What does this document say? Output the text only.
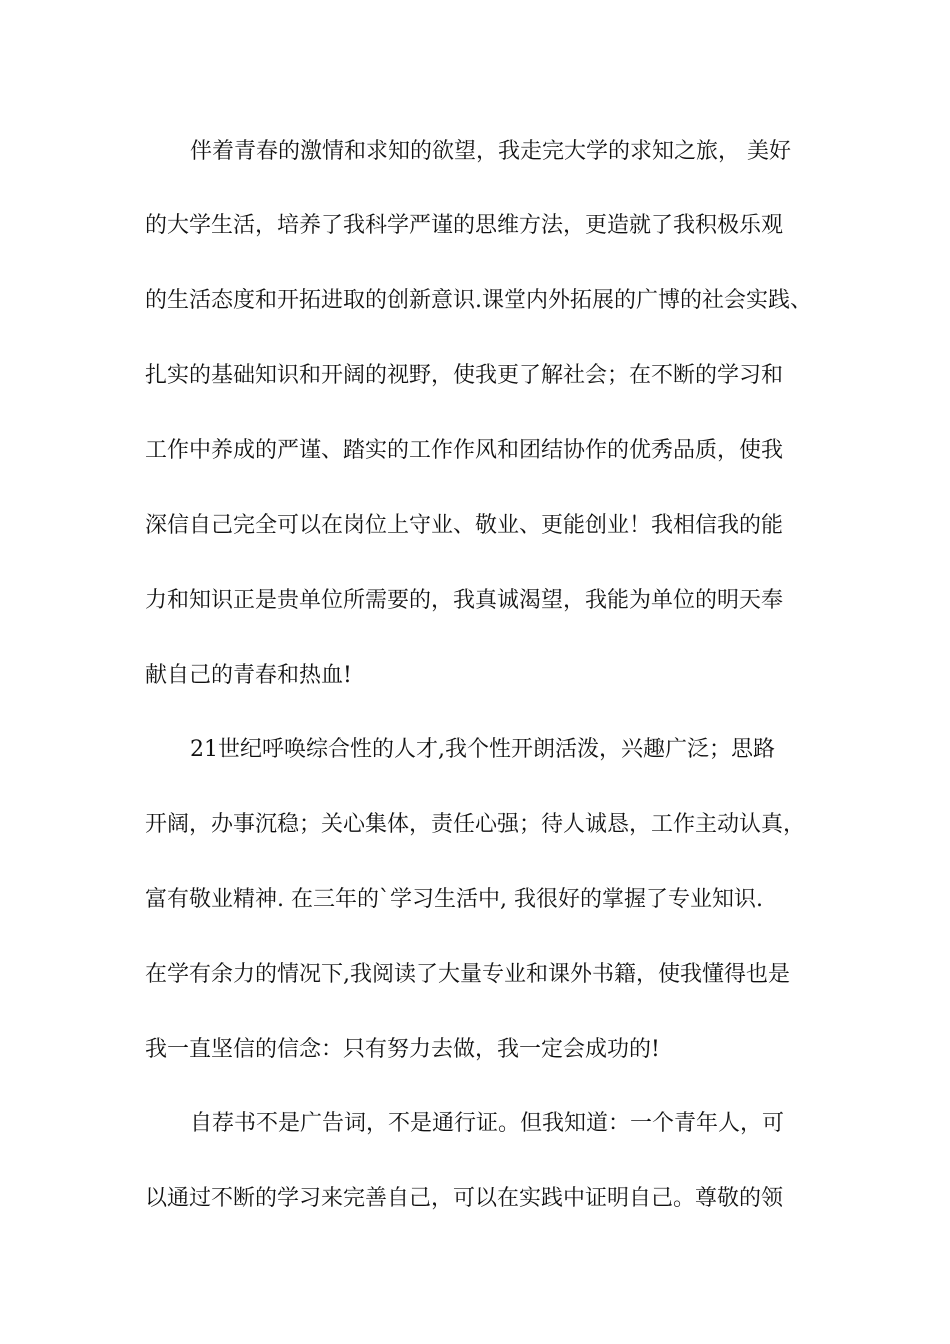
伴着青春的激情和求知的欲望，我走完大学的求知之旅， 美好
的大学生活，培养了我科学严谨的思维方法，更造就了我积极乐观
的生活态度和开拓进取的创新意识.课堂内外拓展的广博的社会实践、
扎实的基础知识和开阔的视野，使我更了解社会；在不断的学习和
工作中养成的严谨、踏实的工作作风和团结协作的优秀品质，使我
深信自己完全可以在岗位上守业、敬业、更能创业！我相信我的能
力和知识正是贵单位所需要的，我真诚渴望，我能为单位的明天奉
献自己的青春和热血!
21世纪呼唤综合性的人才,我个性开朗活泼，兴趣广泛；思路
开阔，办事沉稳；关心集体，责任心强；待人诚恳，工作主动认真，
富有敬业精神. 在三年的`学习生活中, 我很好的掌握了专业知识.
在学有余力的情况下,我阅读了大量专业和课外书籍，使我懂得也是
我一直坚信的信念：只有努力去做，我一定会成功的!
自荐书不是广告词，不是通行证。但我知道：一个青年人，可
以通过不断的学习来完善自己，可以在实践中证明自己。尊敬的领
